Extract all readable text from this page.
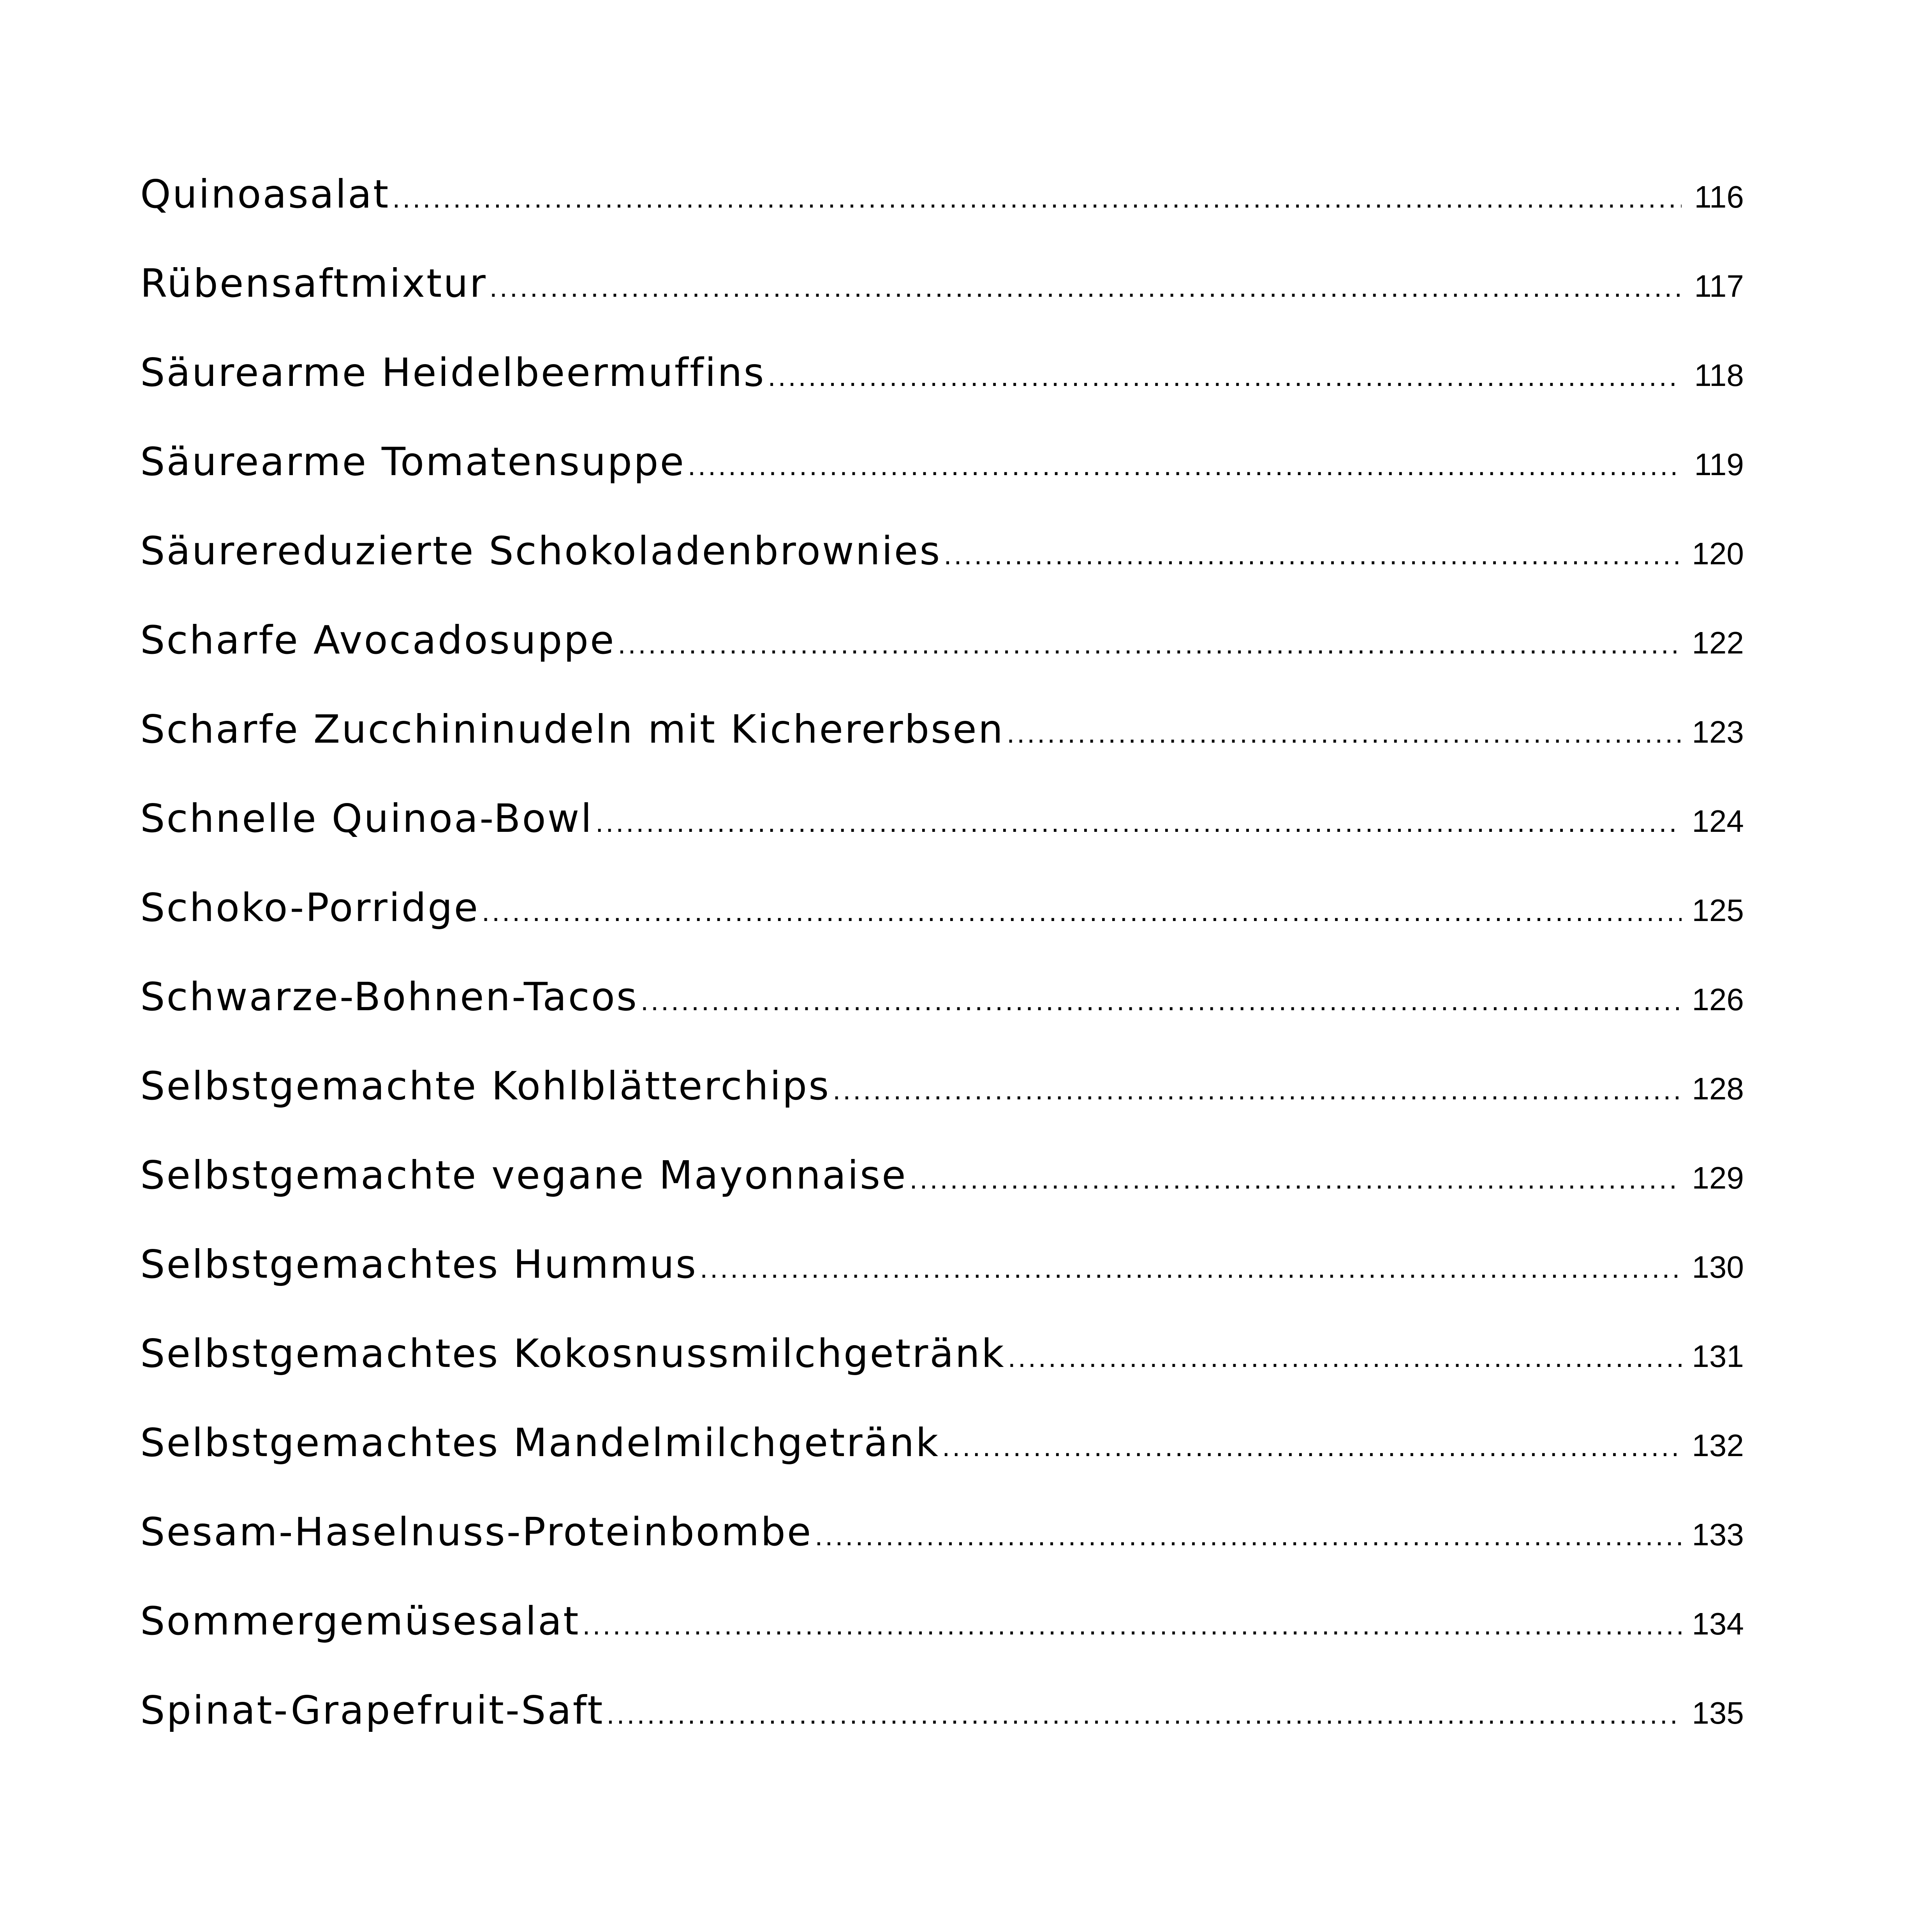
Quinoasalat .....	116
Rübensaftmixtur .....	117
Säurearme Heidelbeermuffins .....	118
Säurearme Tomatensuppe .....	119
Säurereduzierte Schokoladenbrownies .....	120
Scharfe Avocadosuppe .....	122
Scharfe Zucchininudeln mit Kichererbsen .....	123
Schnelle Quinoa-Bowl .....	124
Schoko-Porridge .....	125
Schwarze-Bohnen-Tacos .....	126
Selbstgemachte Kohlblätterchips .....	128
Selbstgemachte vegane Mayonnaise .....	129
Selbstgemachtes Hummus .....	130
Selbstgemachtes Kokosnussmilchgetränk .....	131
Selbstgemachtes Mandelmilchgetränk .....	132
Sesam-Haselnuss-Proteinbombe .....	133
Sommergemüsesalat .....	134
Spinat-Grapefruit-Saft .....	135
